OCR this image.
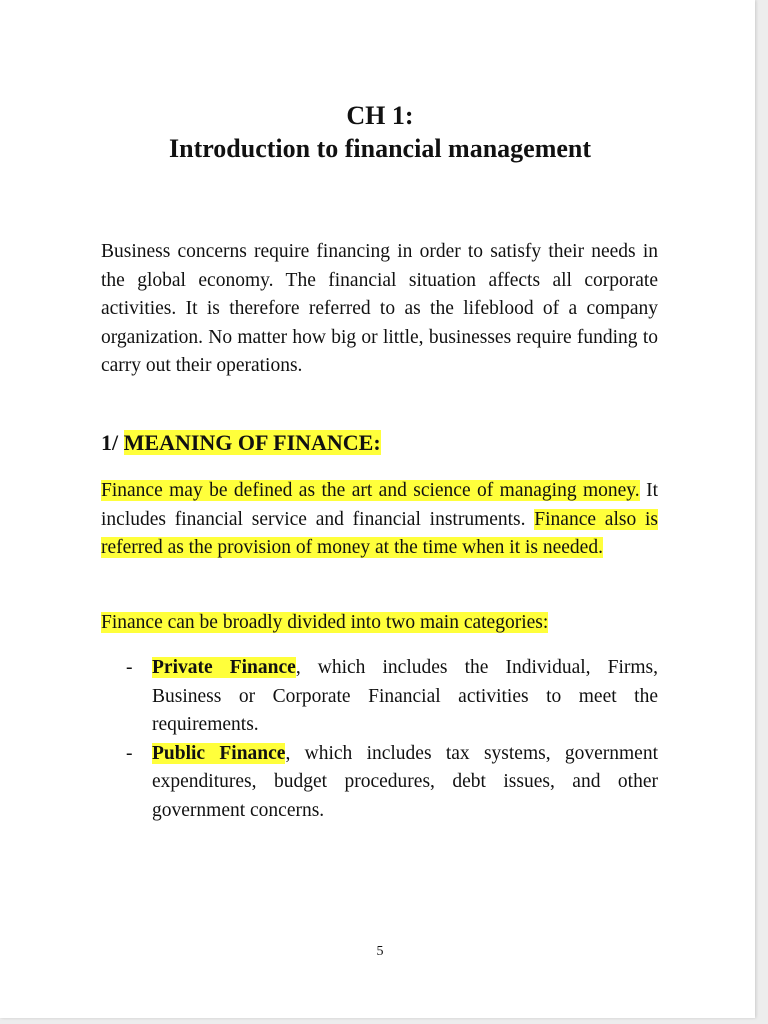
CH 1:
Introduction to financial management

Business concerns require financing in order to satisfy their needs in the global economy. The financial situation affects all corporate activities. It is therefore referred to as the lifeblood of a company organization. No matter how big or little, businesses require funding to carry out their operations.

1/ MEANING OF FINANCE:

Finance may be defined as the art and science of managing money. It includes financial service and financial instruments. Finance also is referred as the provision of money at the time when it is needed.

Finance can be broadly divided into two main categories:

- Private Finance, which includes the Individual, Firms, Business or Corporate Financial activities to meet the requirements.
- Public Finance, which includes tax systems, government expenditures, budget procedures, debt issues, and other government concerns.
5
